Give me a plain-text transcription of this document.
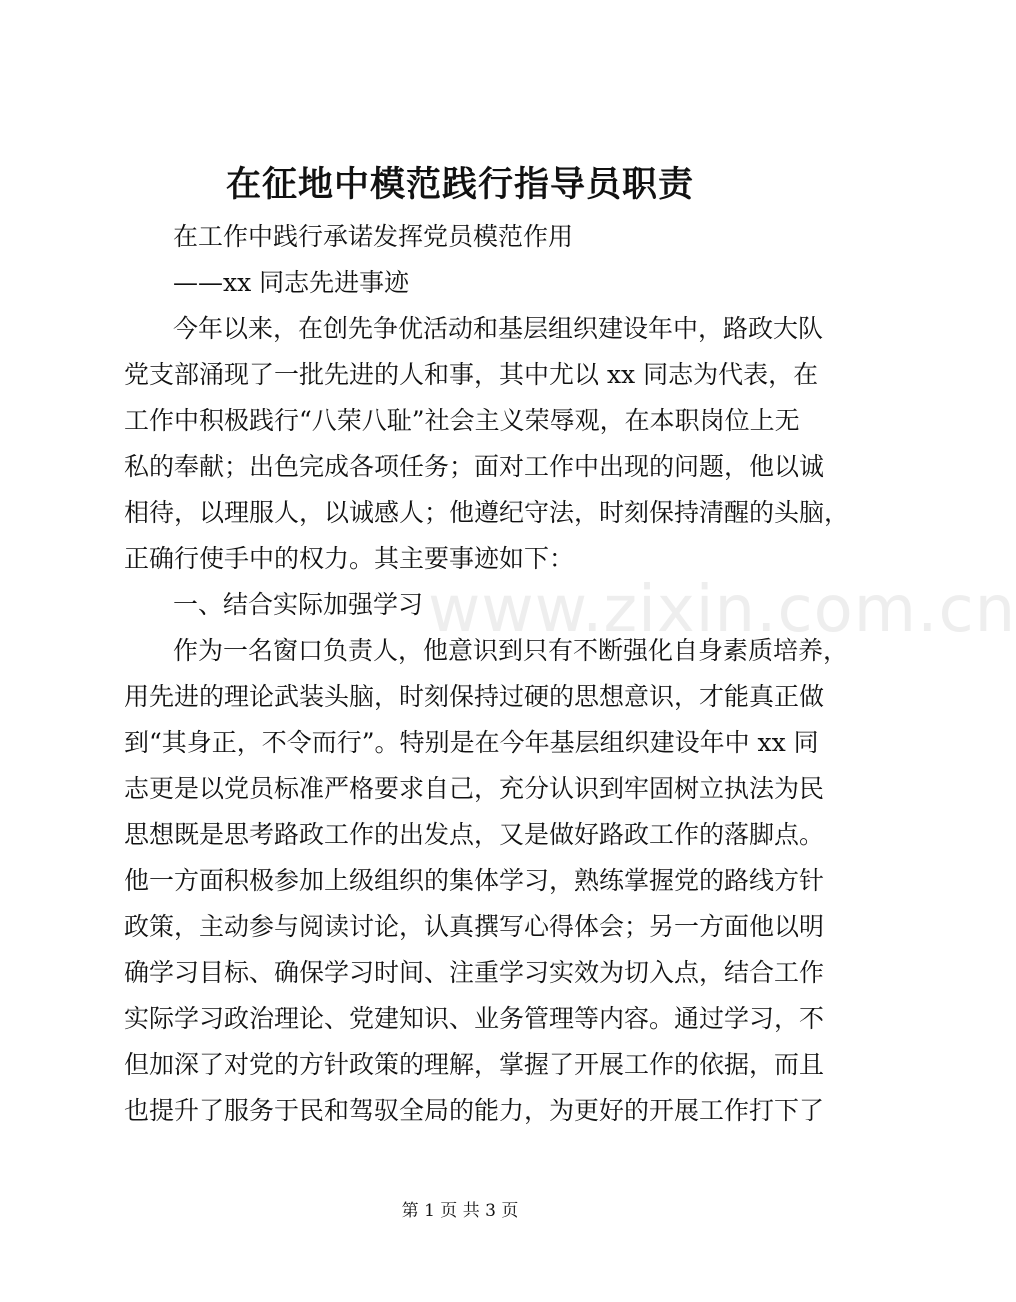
www.zixin.com.cn
在征地中模范践行指导员职责
在工作中践行承诺发挥党员模范作用
——xx 同志先进事迹
今年以来，在创先争优活动和基层组织建设年中，路政大队
党支部涌现了一批先进的人和事，其中尤以 xx 同志为代表，在
工作中积极践行“八荣八耻”社会主义荣辱观，在本职岗位上无
私的奉献；出色完成各项任务；面对工作中出现的问题，他以诚
相待，以理服人，以诚感人；他遵纪守法，时刻保持清醒的头脑，
正确行使手中的权力。其主要事迹如下：
一、结合实际加强学习
作为一名窗口负责人，他意识到只有不断强化自身素质培养，
用先进的理论武装头脑，时刻保持过硬的思想意识，才能真正做
到“其身正，不令而行”。特别是在今年基层组织建设年中 xx 同
志更是以党员标准严格要求自己，充分认识到牢固树立执法为民
思想既是思考路政工作的出发点，又是做好路政工作的落脚点。
他一方面积极参加上级组织的集体学习，熟练掌握党的路线方针
政策，主动参与阅读讨论，认真撰写心得体会；另一方面他以明
确学习目标、确保学习时间、注重学习实效为切入点，结合工作
实际学习政治理论、党建知识、业务管理等内容。通过学习，不
但加深了对党的方针政策的理解，掌握了开展工作的依据，而且
也提升了服务于民和驾驭全局的能力，为更好的开展工作打下了
第 1 页 共 3 页
